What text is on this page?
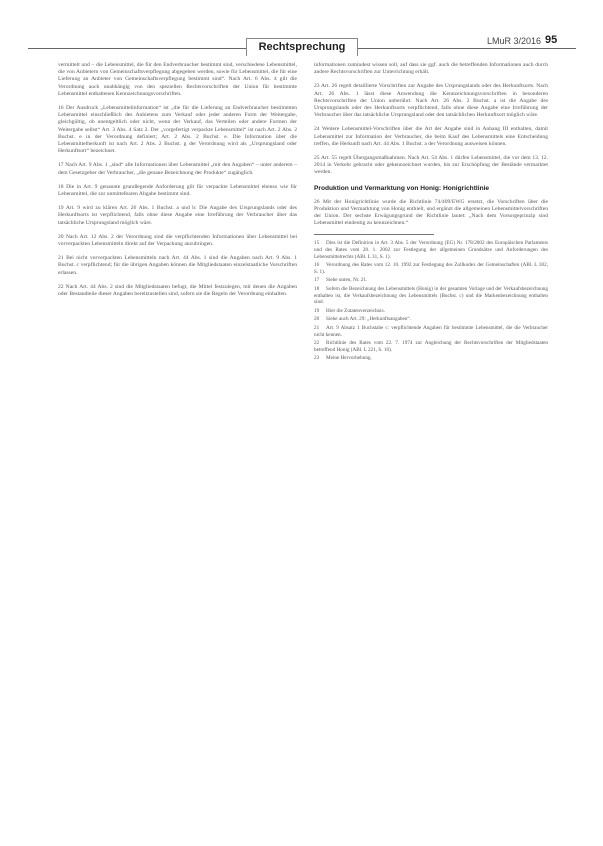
Rechtsprechung	LMuR 3/2016 95

vermittelt und – die Lebensmittel, die für den Endverbraucher bestimmt sind, verschiedene Lebensmittel, die von Anbietern von Gemeinschaftsverpflegung abgegeben werden, sowie für Lebensmittel, die für eine Lieferung an Anbieter von Gemeinschaftsverpflegung bestimmt sind“. Nach Art. 6 Abs. 4 gilt die Verordnung auch unabhängig von den speziellen Rechtsvorschriften der Union für bestimmte Lebensmittel enthaltenen Kennzeichnungsvorschriften.

16 Der Ausdruck „Lebensmittelinformation“ ist „die für die Lieferung an Endverbraucher bestimmten Lebensmittel einschließlich des Anbietens zum Verkauf oder jeder anderen Form der Weitergabe, gleichgültig, ob unentgeltlich oder nicht, wenn der Verkauf, das Verteilen oder andere Formen der Weitergabe selbst“ Art. 3 Abs. 4 Satz 2. Der „vorgefertigt verpackte Lebensmittel“ ist nach Art. 2 Abs. 2 Buchst. e in der Verordnung definiert; Art. 2 Abs. 2 Buchst. e. Die Information über die Lebensmittelherkunft ist nach Art. 2 Abs. 2 Buchst. g der Verordnung wird als „Ursprungsland oder Herkunftsort“ bezeichnet.

17 Nach Art. 9 Abs. 1 „sind“ alle Informationen über Lebensmittel „mit den Angaben“ – unter anderem – dem Gesetzgeber der Verbraucher, „die genaue Bezeichnung der Produkte“ zugänglich.

18 Die in Art. 9 genannte grundlegende Anforderung gilt für verpackte Lebensmittel ebenso wie für Lebensmittel, die zur unmittelbaren Abgabe bestimmt sind.

19 Art. 9 wird zu klären Art. 26 Abs. 1 Buchst. a und b: Die Angabe des Ursprungslands oder des Herkunftsorts ist verpflichtend, falls ohne diese Angabe eine Irreführung der Verbraucher über das tatsächliche Ursprungsland möglich wäre.

20 Nach Art. 12 Abs. 2 der Verordnung sind die verpflichtenden Informationen über Lebensmittel bei vorverpackten Lebensmitteln direkt auf der Verpackung anzubringen.

21 Bei nicht vorverpackten Lebensmitteln nach Art. 44 Abs. 1 sind die Angaben nach Art. 9 Abs. 1 Buchst. c verpflichtend; für die übrigen Angaben können die Mitgliedstaaten einzelstaatliche Vorschriften erlassen.

22 Nach Art. 44 Abs. 2 sind die Mitgliedstaaten befugt, die Mittel festzulegen, mit denen die Angaben oder Bestandteile dieser Angaben bereitzustellen sind, sofern sie die Regeln der Verordnung einhalten.

informationen zumindest wissen soll, auf dass sie ggf. auch die betreffenden Informationen auch durch andere Rechtsvorschriften zur Unterrichtung erhält.

23 Art. 26 regelt detaillierte Vorschriften zur Angabe des Ursprungslands oder des Herkunftsorts. Nach Art. 26 Abs. 1 lässt diese Anwendung die Kennzeichnungsvorschriften in besonderen Rechtsvorschriften der Union unberührt. Nach Art. 26 Abs. 2 Buchst. a ist die Angabe des Ursprungslands oder des Herkunftsorts verpflichtend, falls ohne diese Angabe eine Irreführung der Verbraucher über das tatsächliche Ursprungsland oder den tatsächlichen Herkunftsort möglich wäre.

24 Weitere Lebensmittel-Vorschriften über die Art der Angabe sind in Anhang III enthalten, damit Lebensmittel zur Information der Verbraucher, die beim Kauf des Lebensmittels eine Entscheidung treffen, die Herkunft nach Art. 44 Abs. 1 Buchst. a der Verordnung ausweisen können.

25 Art. 55 regelt Übergangsmaßnahmen. Nach Art. 54 Abs. 1 dürfen Lebensmittel, die vor dem 13. 12. 2014 in Verkehr gebracht oder gekennzeichnet wurden, bis zur Erschöpfung der Bestände vermarktet werden.

Produktion und Vermarktung von Honig: Honigrichtlinie

26 Mit der Honigrichtlinie wurde die Richtlinie 74/409/EWG ersetzt, die Vorschriften über die Produktion und Vermarktung von Honig enthielt, und ergänzt die allgemeinen Lebensmittelvorschriften der Union. Der sechste Erwägungsgrund der Richtlinie lautet: „Nach dem Vorsorgeprinzip sind Lebensmittel eindeutig zu kennzeichnen.“

15 Dies ist die Definition in Art. 3 Abs. 5 der Verordnung (EG) Nr. 178/2002 des Europäischen Parlaments und des Rates vom 28. 1. 2002 zur Festlegung der allgemeinen Grundsätze und Anforderungen des Lebensmittelrechts (ABl. L 31, S. 1).
16 Verordnung des Rates vom 12. 10. 1992 zur Festlegung des Zollkodex der Gemeinschaften (ABl. L 302, S. 1).
17 Siehe unten, Nr. 21.
18 Sofern die Bezeichnung des Lebensmittels (Honig) in der gesamten Vorlage und der Verkaufsbezeichnung enthalten ist, die Verkaufsbezeichnung des Lebensmittels (Buchst. c) und die Markenbezeichnung enthalten sind.
19 Hier die Zutatenverzeichnis.
20 Siehe auch Art. 29: „Herkunftsangaben“.
21 Art. 9 Absatz 1 Buchstabe c: verpflichtende Angaben für bestimmte Lebensmittel, die die Verbraucher nicht kennen.
22 Richtlinie des Rates vom 22. 7. 1974 zur Angleichung der Rechtsvorschriften der Mitgliedstaaten betreffend Honig (ABl. L 221, S. 10).
23 Meine Hervorhebung.
